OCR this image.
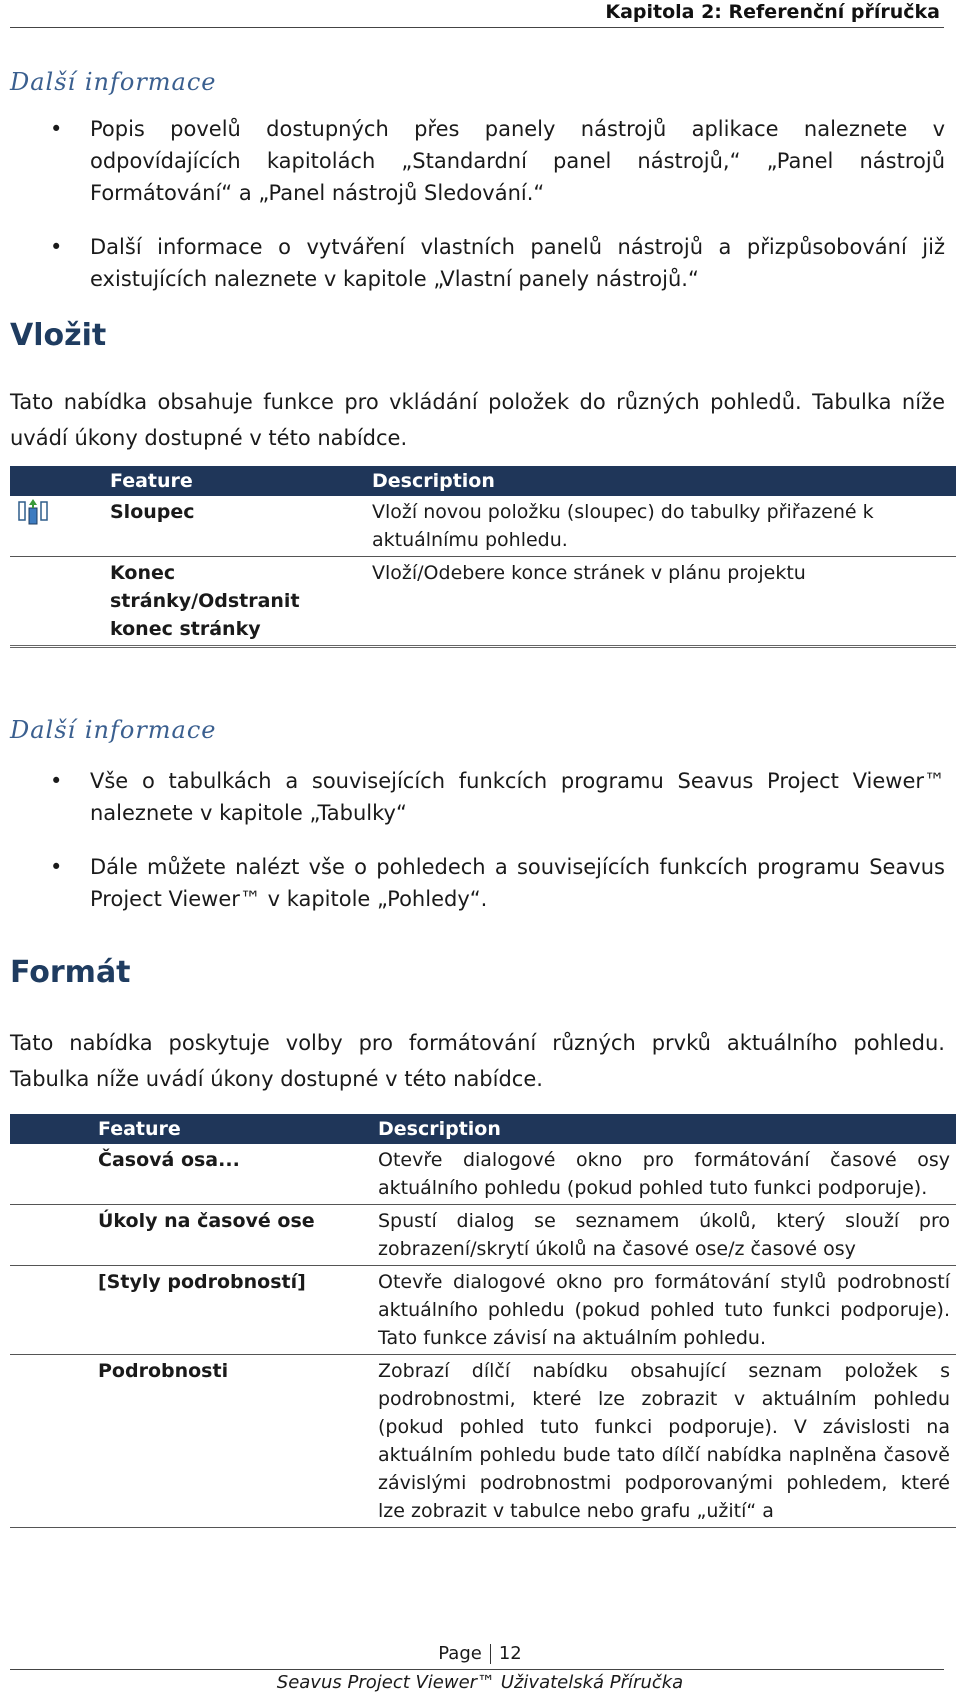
Kapitola 2: Referenční příručka
Další informace
• Popis povelů dostupných přes panely nástrojů aplikace naleznete v odpovídajících kapitolách „Standardní panel nástrojů,“ „Panel nástrojů Formátování“ a „Panel nástrojů Sledování.“
• Další informace o vytváření vlastních panelů nástrojů a přizpůsobování již existujících naleznete v kapitole „Vlastní panely nástrojů.“
Vložit
Tato nabídka obsahuje funkce pro vkládání položek do různých pohledů. Tabulka níže uvádí úkony dostupné v této nabídce.
	Feature	Description
	Sloupec	Vloží novou položku (sloupec) do tabulky přiřazené k aktuálnímu pohledu.
	Konec stránky/Odstranit konec stránky	Vloží/Odebere konce stránek v plánu projektu
Další informace
• Vše o tabulkách a souvisejících funkcích programu Seavus Project Viewer™ naleznete v kapitole „Tabulky“
• Dále můžete nalézt vše o pohledech a souvisejících funkcích programu Seavus Project Viewer™ v kapitole „Pohledy“.
Formát
Tato nabídka poskytuje volby pro formátování různých prvků aktuálního pohledu. Tabulka níže uvádí úkony dostupné v této nabídce.
	Feature	Description
	Časová osa...	Otevře dialogové okno pro formátování časové osy aktuálního pohledu (pokud pohled tuto funkci podporuje).
	Úkoly na časové ose	Spustí dialog se seznamem úkolů, který slouží pro zobrazení/skrytí úkolů na časové ose/z časové osy
	[Styly podrobností]	Otevře dialogové okno pro formátování stylů podrobností aktuálního pohledu (pokud pohled tuto funkci podporuje). Tato funkce závisí na aktuálním pohledu.
	Podrobnosti	Zobrazí dílčí nabídku obsahující seznam položek s podrobnostmi, které lze zobrazit v aktuálním pohledu (pokud pohled tuto funkci podporuje). V závislosti na aktuálním pohledu bude tato dílčí nabídka naplněna časově závislými podrobnostmi podporovanými pohledem, které lze zobrazit v tabulce nebo grafu „užití“ a
Page 12
Seavus Project Viewer™ Uživatelská Příručka
